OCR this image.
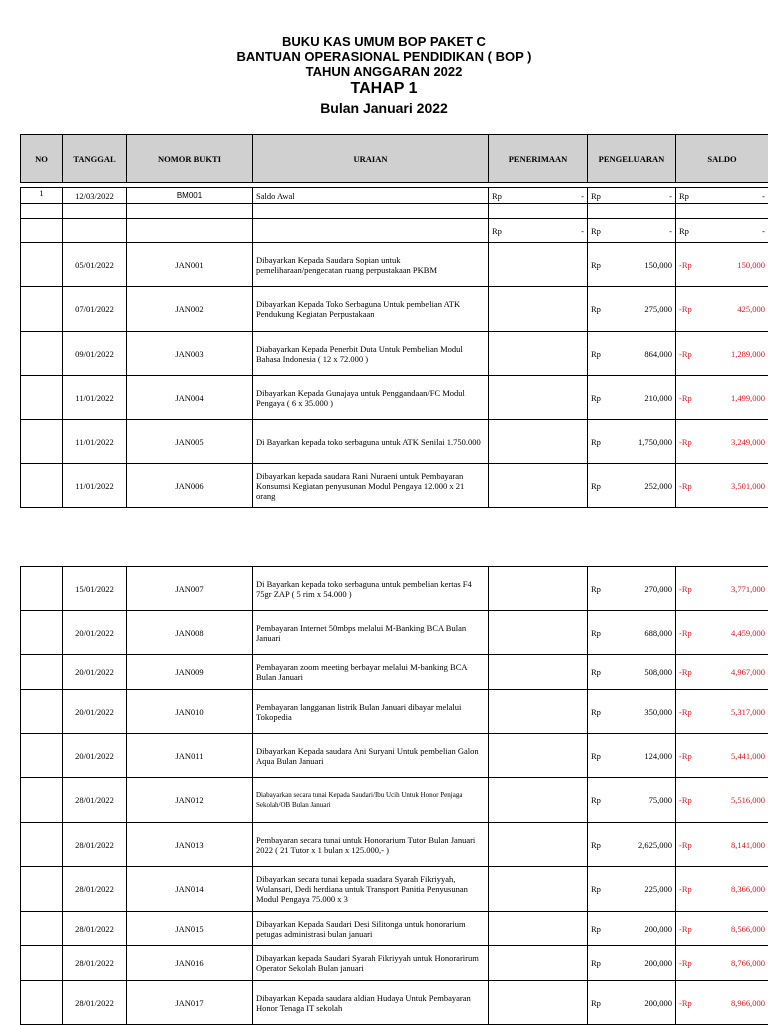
BUKU KAS UMUM BOP PAKET C
BANTUAN OPERASIONAL PENDIDIKAN ( BOP )
TAHUN ANGGARAN 2022
TAHAP 1
Bulan Januari 2022
NO	TANGGAL	NOMOR BUKTI	URAIAN	PENERIMAAN	PENGELUARAN	SALDO

1	12/03/2022	BM001	Saldo Awal	Rp -	Rp -	Rp -

				Rp -	Rp -	Rp -

	05/01/2022	JAN001	Dibayarkan Kepada Saudara Sopian untuk pemeliharaan/pengecatan ruang perpustakaan PKBM		Rp 150,000	-Rp 150,000

	07/01/2022	JAN002	Dibayarkan Kepada Toko Serbaguna Untuk pembelian ATK Pendukung Kegiatan Perpustakaan		Rp 275,000	-Rp 425,000

	09/01/2022	JAN003	Diabayarkan Kepada Penerbit Duta Untuk Pembelian Modul Bahasa Indonesia ( 12 x 72.000 )		Rp 864,000	-Rp 1,289,000

	11/01/2022	JAN004	Dibayarkan Kepada Gunajaya untuk Penggandaan/FC Modul Pengaya ( 6 x 35.000 )		Rp 210,000	-Rp 1,499,000

	11/01/2022	JAN005	Di Bayarkan kepada toko serbaguna untuk ATK Senilai 1.750.000		Rp 1,750,000	-Rp 3,249,000

	11/01/2022	JAN006	Dibayarkan kepada saudara Rani Nuraeni untuk Pembayaran Konsumsi Kegiatan penyusunan Modul Pengaya 12.000 x 21 orang		Rp 252,000	-Rp 3,501,000
	15/01/2022	JAN007	Di Bayarkan kepada toko serbaguna untuk pembelian kertas F4 75gr ZAP ( 5 rim x 54.000 )		Rp 270,000	-Rp 3,771,000

	20/01/2022	JAN008	Pembayaran Internet 50mbps melalui M-Banking BCA Bulan Januari		Rp 688,000	-Rp 4,459,000

	20/01/2022	JAN009	Pembayaran zoom meeting berbayar melalui M-banking BCA Bulan Januari		Rp 508,000	-Rp 4,967,000

	20/01/2022	JAN010	Pembayaran langganan listrik Bulan Januari dibayar melalui Tokopedia		Rp 350,000	-Rp 5,317,000

	20/01/2022	JAN011	Dibayarkan Kepada saudara Ani Suryani Untuk pembelian Galon Aqua Bulan Januari		Rp 124,000	-Rp 5,441,000

	28/01/2022	JAN012	Diabayarkan secara tunai Kepada Saudari/Ibu Ucih Untuk Honor Penjaga Sekolah/OB Bulan Januari		Rp 75,000	-Rp 5,516,000

	28/01/2022	JAN013	Pembayaran secara tunai untuk Honorarium Tutor Bulan Januari 2022 ( 21 Tutor x 1 bulan x 125.000,- )		Rp 2,625,000	-Rp 8,141,000

	28/01/2022	JAN014	Dibayarkan secara tunai kepada suadara Syarah Fikriyyah, Wulansari, Dedi herdiana untuk Transport Panitia Penyusunan Modul Pengaya 75.000 x 3		Rp 225,000	-Rp 8,366,000

	28/01/2022	JAN015	Dibayarkan Kepada Saudari Desi Silitonga untuk honorarium petugas administrasi bulan januari		Rp 200,000	-Rp 8,566,000

	28/01/2022	JAN016	Dibayarkan kepada Saudari Syarah Fikriyyah untuk Honorarirum Operator Sekolah Bulan januari		Rp 200,000	-Rp 8,766,000

	28/01/2022	JAN017	Dibayarkan Kepada saudara aldian Hudaya Untuk Pembayaran Honor Tenaga IT sekolah		Rp 200,000	-Rp 8,966,000
